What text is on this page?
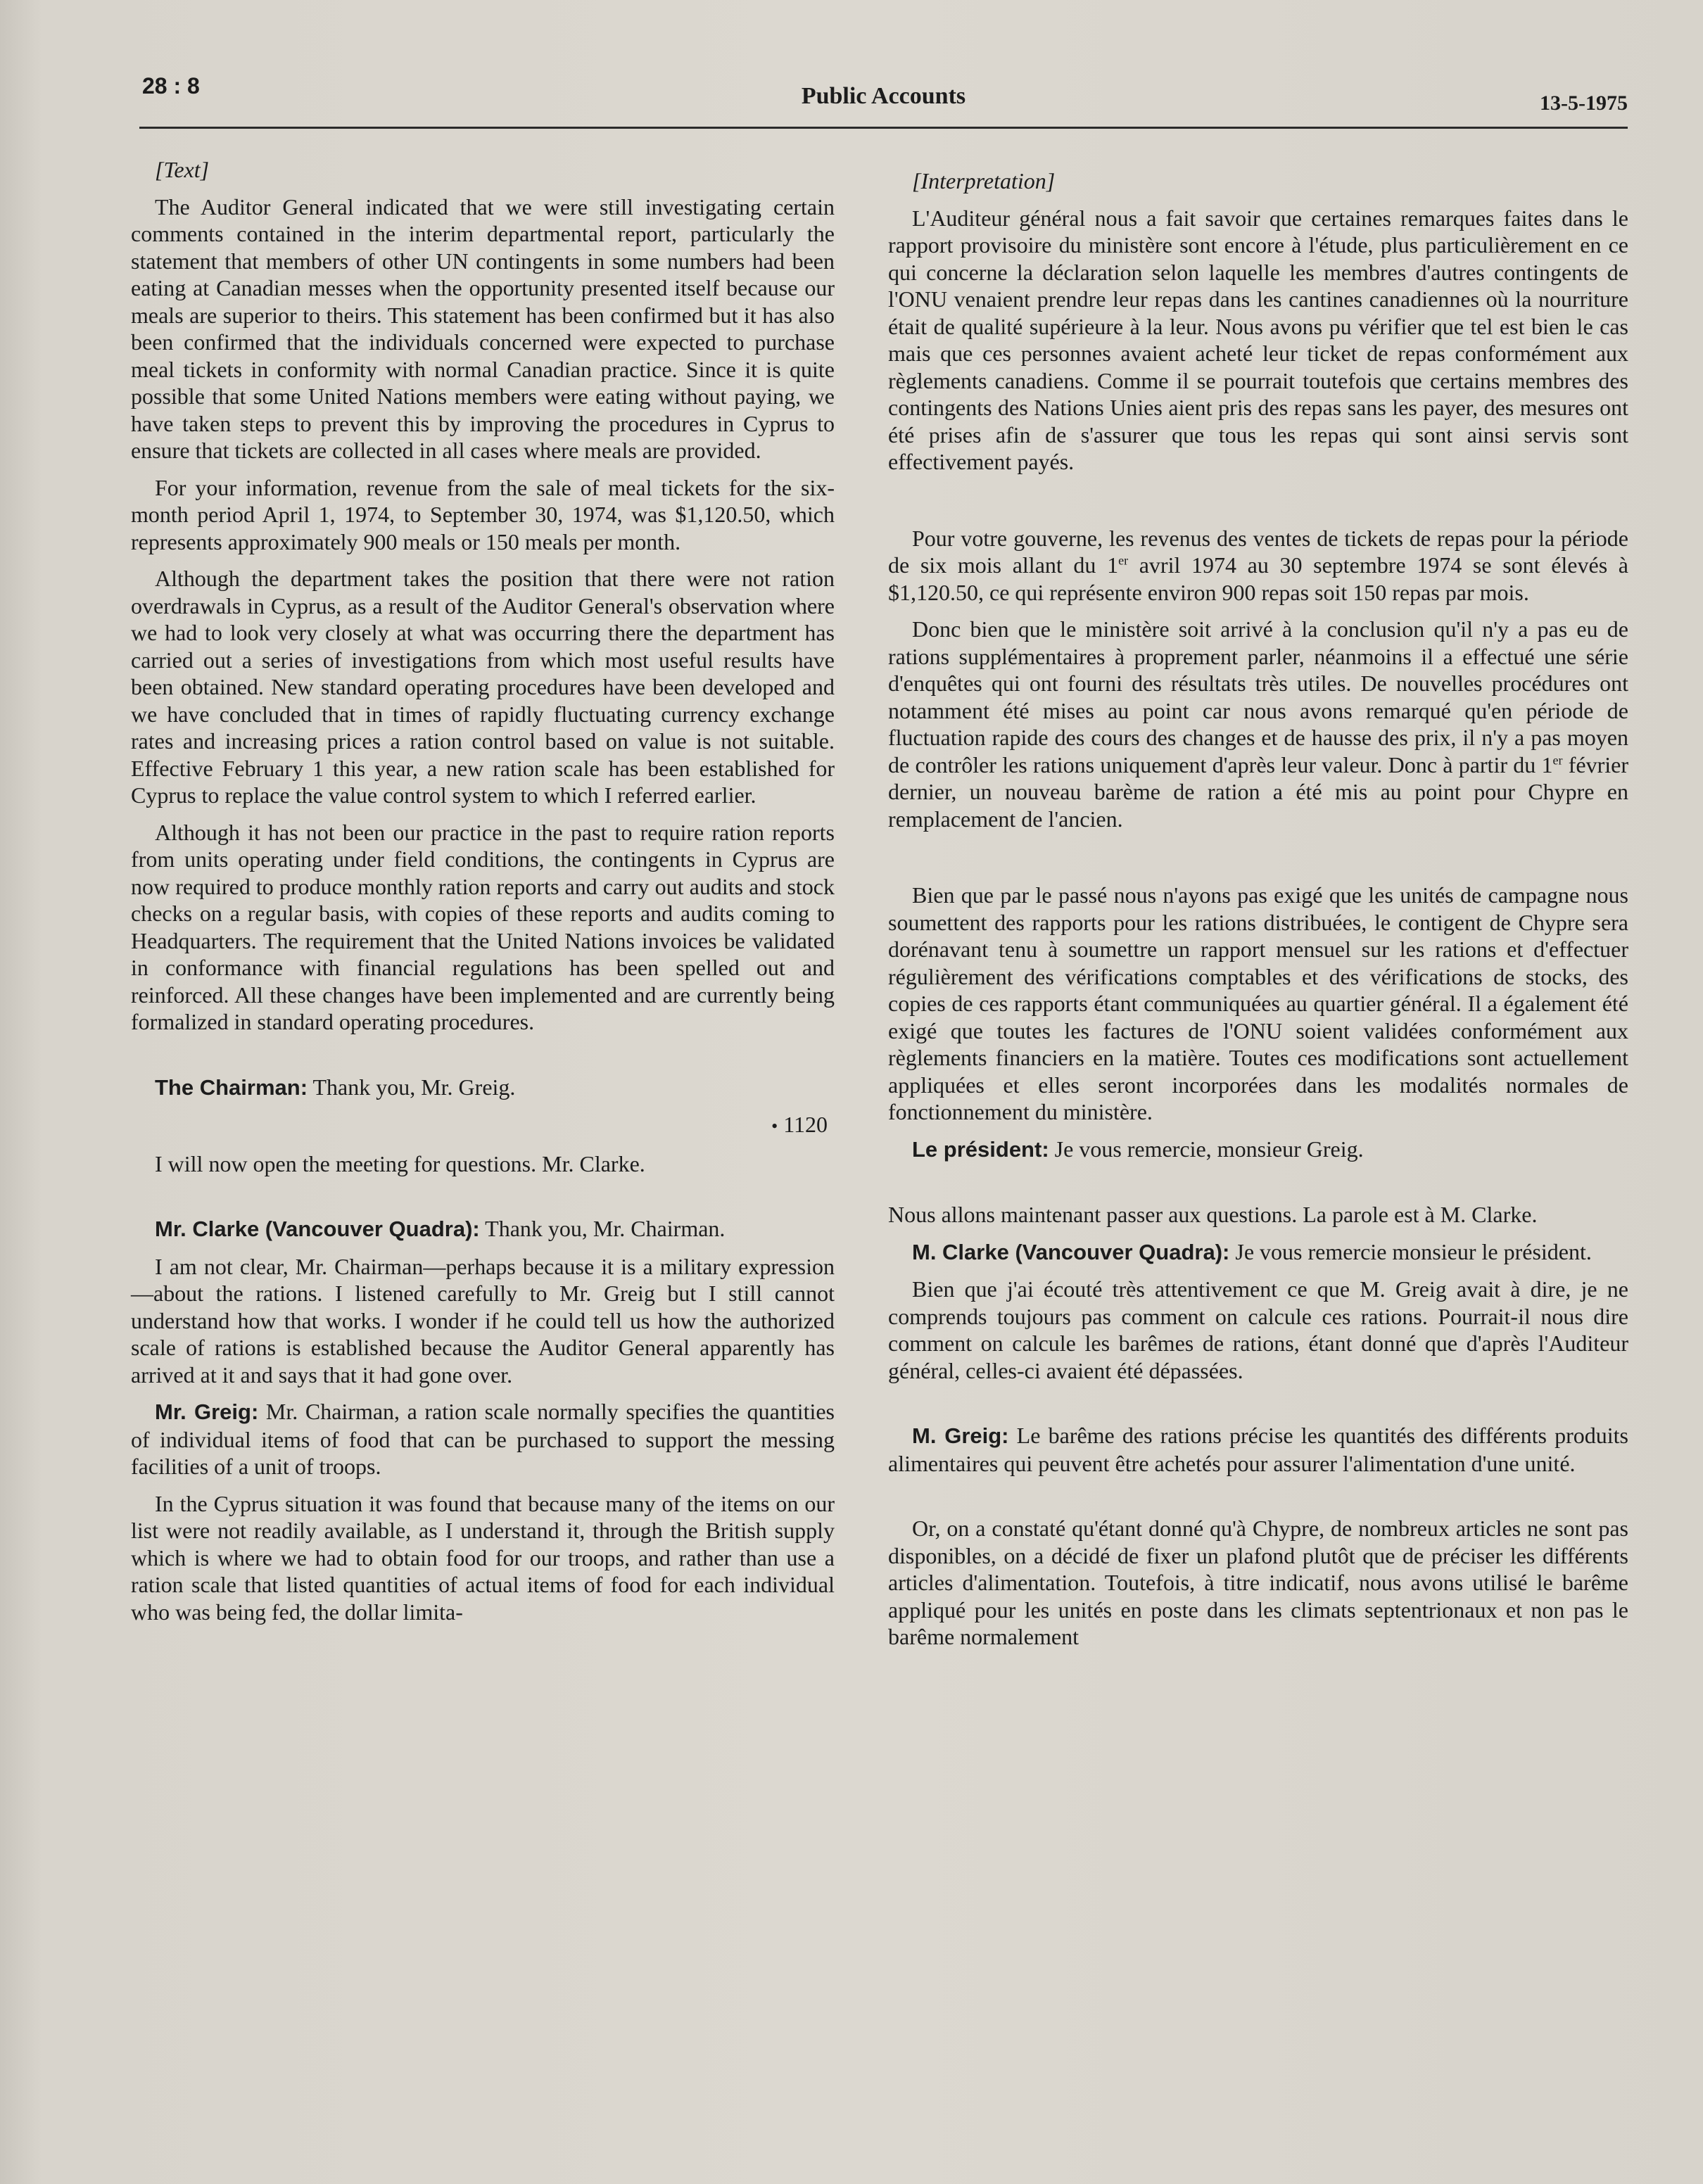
28 : 8	Public Accounts	13-5-1975

[Text]

The Auditor General indicated that we were still investigating certain comments contained in the interim departmental report, particularly the statement that members of other UN contingents in some numbers had been eating at Canadian messes when the opportunity presented itself because our meals are superior to theirs. This statement has been confirmed but it has also been confirmed that the individuals concerned were expected to purchase meal tickets in conformity with normal Canadian practice. Since it is quite possible that some United Nations members were eating without paying, we have taken steps to prevent this by improving the procedures in Cyprus to ensure that tickets are collected in all cases where meals are provided.

For your information, revenue from the sale of meal tickets for the six-month period April 1, 1974, to September 30, 1974, was $1,120.50, which represents approximately 900 meals or 150 meals per month.

Although the department takes the position that there were not ration overdrawals in Cyprus, as a result of the Auditor General's observation where we had to look very closely at what was occurring there the department has carried out a series of investigations from which most useful results have been obtained. New standard operating procedures have been developed and we have concluded that in times of rapidly fluctuating currency exchange rates and increasing prices a ration control based on value is not suitable. Effective February 1 this year, a new ration scale has been established for Cyprus to replace the value control system to which I referred earlier.

Although it has not been our practice in the past to require ration reports from units operating under field conditions, the contingents in Cyprus are now required to produce monthly ration reports and carry out audits and stock checks on a regular basis, with copies of these reports and audits coming to Headquarters. The requirement that the United Nations invoices be validated in conformance with financial regulations has been spelled out and reinforced. All these changes have been implemented and are currently being formalized in standard operating procedures.

The Chairman: Thank you, Mr. Greig.

• 1120

I will now open the meeting for questions. Mr. Clarke.

Mr. Clarke (Vancouver Quadra): Thank you, Mr. Chairman.

I am not clear, Mr. Chairman—perhaps because it is a military expression—about the rations. I listened carefully to Mr. Greig but I still cannot understand how that works. I wonder if he could tell us how the authorized scale of rations is established because the Auditor General apparently has arrived at it and says that it had gone over.

Mr. Greig: Mr. Chairman, a ration scale normally specifies the quantities of individual items of food that can be purchased to support the messing facilities of a unit of troops.

In the Cyprus situation it was found that because many of the items on our list were not readily available, as I understand it, through the British supply which is where we had to obtain food for our troops, and rather than use a ration scale that listed quantities of actual items of food for each individual who was being fed, the dollar limita-

[Interpretation]

L'Auditeur général nous a fait savoir que certaines remarques faites dans le rapport provisoire du ministère sont encore à l'étude, plus particulièrement en ce qui concerne la déclaration selon laquelle les membres d'autres contingents de l'ONU venaient prendre leur repas dans les cantines canadiennes où la nourriture était de qualité supérieure à la leur. Nous avons pu vérifier que tel est bien le cas mais que ces personnes avaient acheté leur ticket de repas conformément aux règlements canadiens. Comme il se pourrait toutefois que certains membres des contingents des Nations Unies aient pris des repas sans les payer, des mesures ont été prises afin de s'assurer que tous les repas qui sont ainsi servis sont effectivement payés.

Pour votre gouverne, les revenus des ventes de tickets de repas pour la période de six mois allant du 1er avril 1974 au 30 septembre 1974 se sont élevés à $1,120.50, ce qui représente environ 900 repas soit 150 repas par mois.

Donc bien que le ministère soit arrivé à la conclusion qu'il n'y a pas eu de rations supplémentaires à proprement parler, néanmoins il a effectué une série d'enquêtes qui ont fourni des résultats très utiles. De nouvelles procédures ont notamment été mises au point car nous avons remarqué qu'en période de fluctuation rapide des cours des changes et de hausse des prix, il n'y a pas moyen de contrôler les rations uniquement d'après leur valeur. Donc à partir du 1er février dernier, un nouveau barème de ration a été mis au point pour Chypre en remplacement de l'ancien.

Bien que par le passé nous n'ayons pas exigé que les unités de campagne nous soumettent des rapports pour les rations distribuées, le contigent de Chypre sera dorénavant tenu à soumettre un rapport mensuel sur les rations et d'effectuer régulièrement des vérifications comptables et des vérifications de stocks, des copies de ces rapports étant communiquées au quartier général. Il a également été exigé que toutes les factures de l'ONU soient validées conformément aux règlements financiers en la matière. Toutes ces modifications sont actuellement appliquées et elles seront incorporées dans les modalités normales de fonctionnement du ministère.

Le président: Je vous remercie, monsieur Greig.

Nous allons maintenant passer aux questions. La parole est à M. Clarke.

M. Clarke (Vancouver Quadra): Je vous remercie monsieur le président.

Bien que j'ai écouté très attentivement ce que M. Greig avait à dire, je ne comprends toujours pas comment on calcule ces rations. Pourrait-il nous dire comment on calcule les barêmes de rations, étant donné que d'après l'Auditeur général, celles-ci avaient été dépassées.

M. Greig: Le barême des rations précise les quantités des différents produits alimentaires qui peuvent être achetés pour assurer l'alimentation d'une unité.

Or, on a constaté qu'étant donné qu'à Chypre, de nombreux articles ne sont pas disponibles, on a décidé de fixer un plafond plutôt que de préciser les différents articles d'alimentation. Toutefois, à titre indicatif, nous avons utilisé le barême appliqué pour les unités en poste dans les climats septentrionaux et non pas le barême normalement
